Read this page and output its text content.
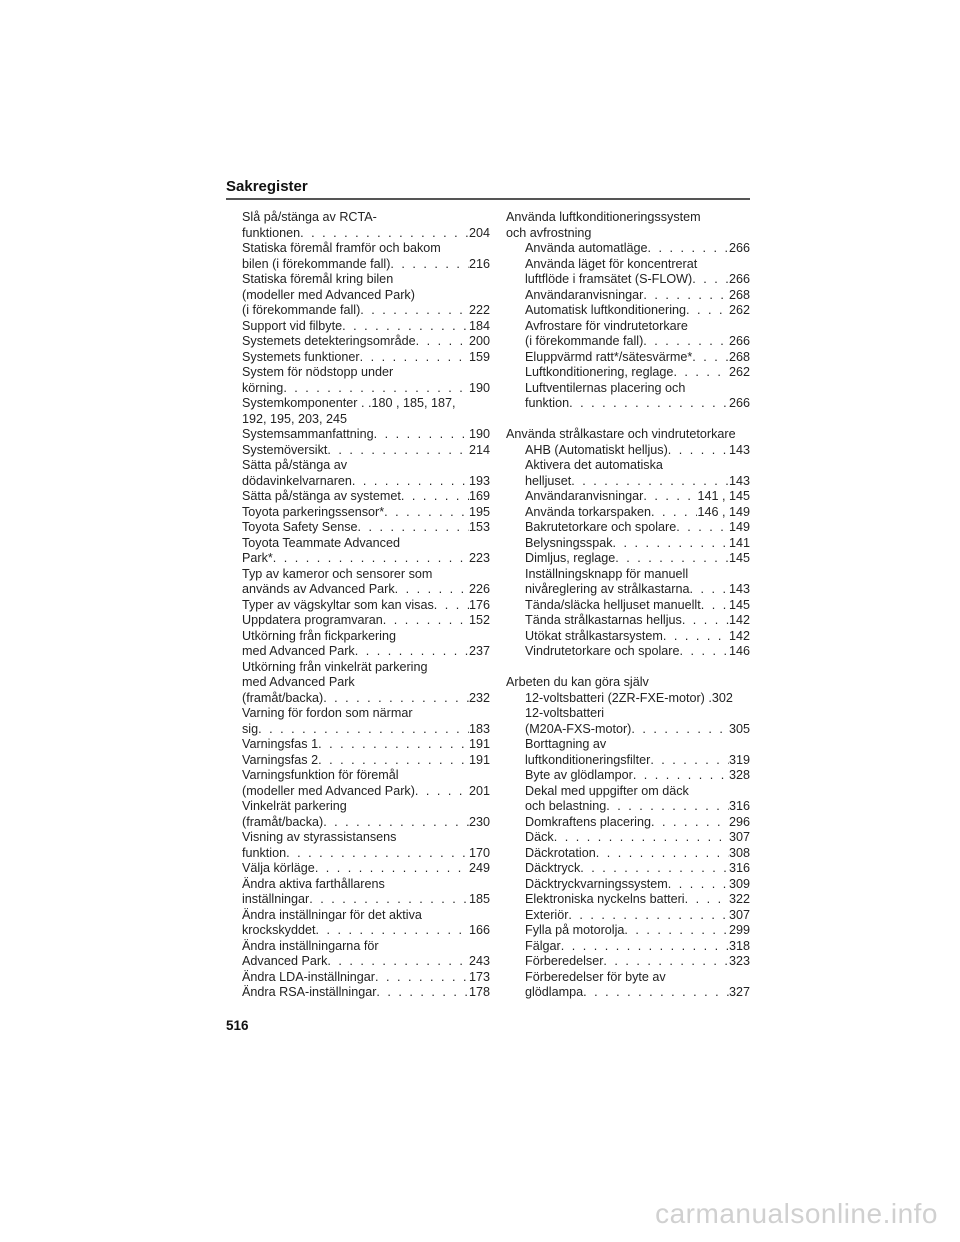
Sakregister
Slå på/stänga av RCTA-
funktionen . . .	204
Statiska föremål framför och bakom
bilen (i förekommande fall) . . .	216
Statiska föremål kring bilen
(modeller med Advanced Park)
(i förekommande fall) . . .	222
Support vid filbyte . . .	184
Systemets detekteringsområde . . .	200
Systemets funktioner . . .	159
System för nödstopp under
körning . . .	190
Systemkomponenter . .180 , 185, 187,
192, 195, 203, 245
Systemsammanfattning . . .	190
Systemöversikt . . .	214
Sätta på/stänga av
dödavinkelvarnaren . . .	193
Sätta på/stänga av systemet . . .	169
Toyota parkeringssensor* . . .	195
Toyota Safety Sense . . .	153
Toyota Teammate Advanced
Park* . . .	223
Typ av kameror och sensorer som
används av Advanced Park . . .	226
Typer av vägskyltar som kan visas . . .	176
Uppdatera programvaran . . .	152
Utkörning från fickparkering
med Advanced Park . . .	237
Utkörning från vinkelrät parkering
med Advanced Park
(framåt/backa) . . .	232
Varning för fordon som närmar
sig . . .	183
Varningsfas 1 . . .	191
Varningsfas 2 . . .	191
Varningsfunktion för föremål
(modeller med Advanced Park) . . .	201
Vinkelrät parkering
(framåt/backa) . . .	230
Visning av styrassistansens
funktion . . .	170
Välja körläge . . .	249
Ändra aktiva farthållarens
inställningar . . .	185
Ändra inställningar för det aktiva
krockskyddet . . .	166
Ändra inställningarna för
Advanced Park . . .	243
Ändra LDA-inställningar . . .	173
Ändra RSA-inställningar . . .	178
Använda luftkonditioneringssystem
och avfrostning
Använda automatläge . . .	266
Använda läget för koncentrerat
luftflöde i framsätet (S-FLOW) . . .	266
Användaranvisningar . . .	268
Automatisk luftkonditionering . . .	262
Avfrostare för vindrutetorkare
(i förekommande fall) . . .	266
Eluppvärmd ratt*/sätesvärme* . . .	268
Luftkonditionering, reglage . . .	262
Luftventilernas placering och
funktion . . .	266
Använda strålkastare och vindrutetorkare
AHB (Automatiskt helljus) . . .	143
Aktivera det automatiska
helljuset . . .	143
Användaranvisningar . . .	141 , 145
Använda torkarspaken . . .	146 , 149
Bakrutetorkare och spolare . . .	149
Belysningsspak . . .	141
Dimljus, reglage . . .	145
Inställningsknapp för manuell
nivåreglering av strålkastarna . . .	143
Tända/släcka helljuset manuellt . . . 145
Tända strålkastarnas helljus . . .	142
Utökat strålkastarsystem . . .	142
Vindrutetorkare och spolare . . .	146
Arbeten du kan göra själv
12-voltsbatteri (2ZR-FXE-motor) .302
12-voltsbatteri
(M20A-FXS-motor) . . .	305
Borttagning av
luftkonditioneringsfilter . . .	319
Byte av glödlampor . . .	328
Dekal med uppgifter om däck
och belastning . . .	316
Domkraftens placering . . .	296
Däck . . .	307
Däckrotation . . .	308
Däcktryck . . .	316
Däcktryckvarningssystem . . .	309
Elektroniska nyckelns batteri . . .	322
Exteriör . . .	307
Fylla på motorolja . . .	299
Fälgar . . .	318
Förberedelser . . .	323
Förberedelser för byte av
glödlampa . . .	327
516
carmanualsonline.info
